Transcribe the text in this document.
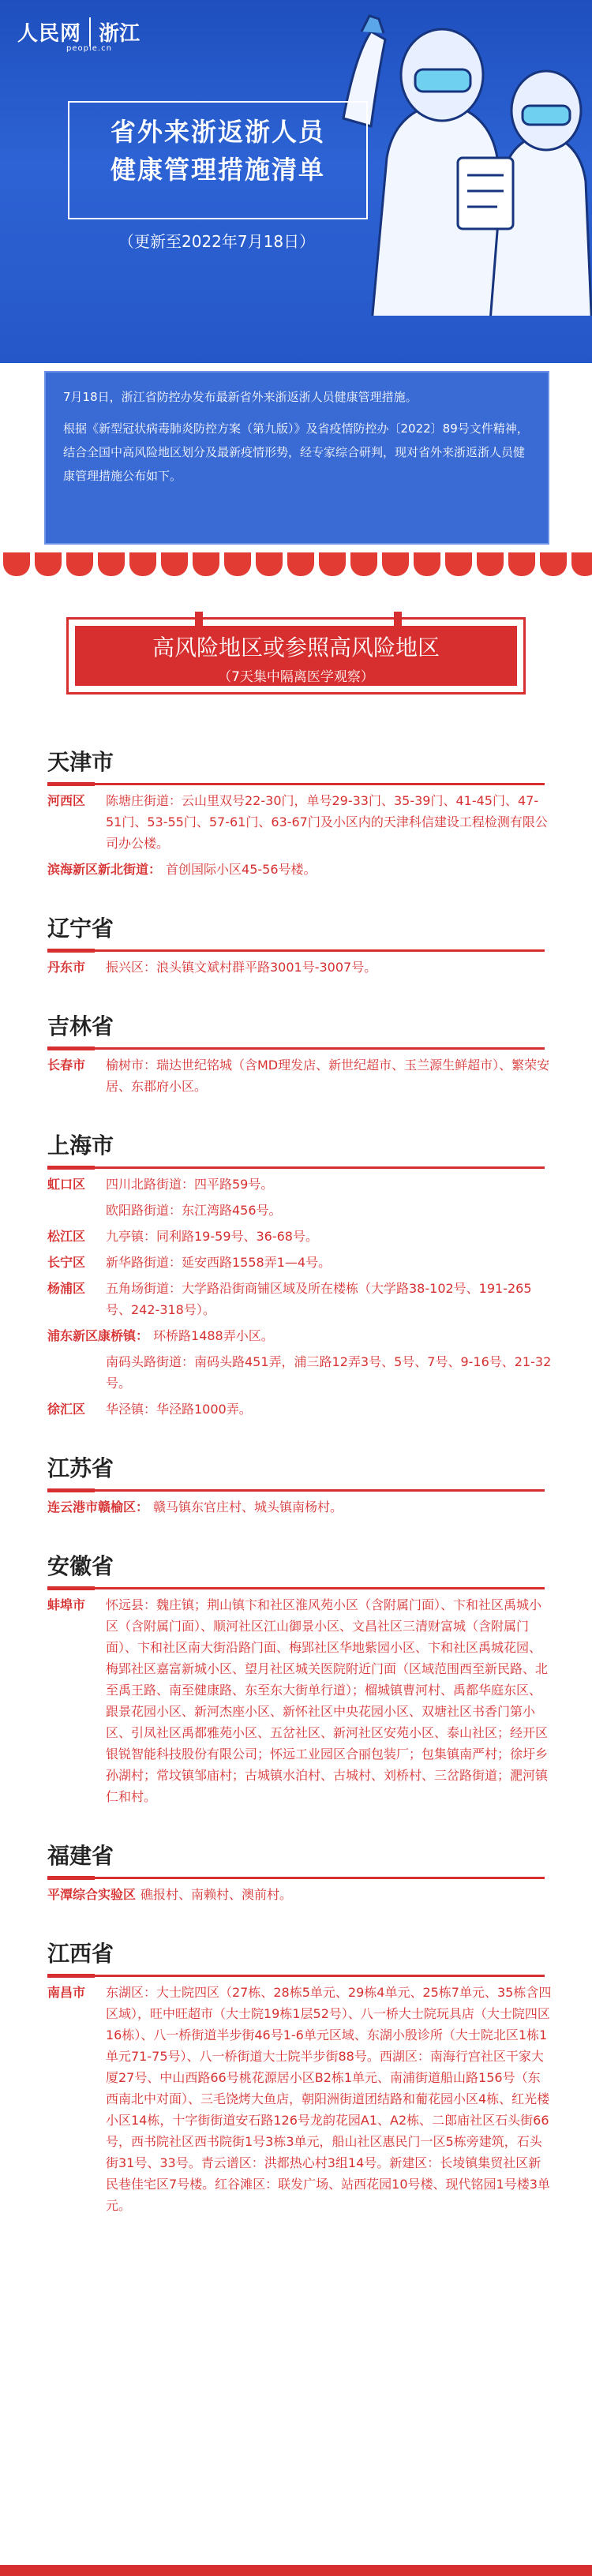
人民网 浙江
people.cn
省外来浙返浙人员
健康管理措施清单
（更新至2022年7月18日）

7月18日，浙江省防控办发布最新省外来浙返浙人员健康管理措施。

根据《新型冠状病毒肺炎防控方案（第九版）》及省疫情防控办〔2022〕89号文件精神，结合全国中高风险地区划分及最新疫情形势，经专家综合研判，现对省外来浙返浙人员健康管理措施公布如下。

高风险地区或参照高风险地区
（7天集中隔离医学观察）
天津市
河西区	陈塘庄街道：云山里双号22-30门，单号29-33门、35-39门、41-45门、47-51门、53-55门、57-61门、63-67门及小区内的天津科信建设工程检测有限公司办公楼。
滨海新区新北街道： 首创国际小区45-56号楼。
辽宁省
丹东市	振兴区：浪头镇文斌村群平路3001号-3007号。
吉林省
长春市	榆树市：瑞达世纪铭城（含MD理发店、新世纪超市、玉兰源生鲜超市）、繁荣安居、东郡府小区。
上海市
虹口区	四川北路街道：四平路59号。
欧阳路街道：东江湾路456号。
松江区	九亭镇：同利路19-59号、36-68号。
长宁区	新华路街道：延安西路1558弄1—4号。
杨浦区	五角场街道：大学路沿街商铺区域及所在楼栋（大学路38-102号、191-265号、242-318号）。
浦东新区康桥镇： 环桥路1488弄小区。
南码头路街道：南码头路451弄，浦三路12弄3号、5号、7号、9-16号、21-32号。
徐汇区	华泾镇：华泾路1000弄。
江苏省
连云港市赣榆区： 赣马镇东官庄村、城头镇南杨村。
安徽省
蚌埠市	怀远县：魏庄镇；荆山镇卞和社区淮风苑小区（含附属门面）、卞和社区禹城小区（含附属门面）、顺河社区江山御景小区、文昌社区三清财富城（含附属门面）、卞和社区南大街沿路门面、梅郢社区华地紫园小区、卞和社区禹城花园、梅郢社区嘉富新城小区、望月社区城关医院附近门面（区域范围西至新民路、北至禹王路、南至健康路、东至东大街单行道）；榴城镇曹河村、禹都华庭东区、跟景花园小区、新河杰座小区、新怀社区中央花园小区、双塘社区书香门第小区、引凤社区禹都雅苑小区、五岔社区、新河社区安苑小区、泰山社区；经开区银锐智能科技股份有限公司；怀远工业园区合丽包装厂；包集镇南严村；徐圩乡孙湖村；常坟镇邹庙村；古城镇水泊村、古城村、刘桥村、三岔路街道；淝河镇仁和村。
福建省
平潭综合实验区 礁报村、南赖村、澳前村。
江西省
南昌市	东湖区：大士院四区（27栋、28栋5单元、29栋4单元、25栋7单元、35栋含四区域），旺中旺超市（大士院19栋1层52号）、八一桥大士院玩具店（大士院四区16栋）、八一桥街道半步街46号1-6单元区域、东湖小殷诊所（大士院北区1栋1单元71-75号）、八一桥街道大士院半步街88号。西湖区：南海行宫社区干家大厦27号、中山西路66号桃花源居小区B2栋1单元、南浦街道船山路156号（东西南北中对面）、三毛饶烤大鱼店，朝阳洲街道团结路和葡花园小区4栋、红光楼小区14栋，十字街街道安石路126号龙韵花园A1、A2栋、二郎庙社区石头街66号，西书院社区西书院街1号3栋3单元，船山社区惠民门一区5栋旁建筑，石头街31号、33号。青云谱区：洪都热心村3组14号。新建区：长堎镇集贸社区新民巷佳宅区7号楼。红谷滩区：联发广场、站西花园10号楼、现代铭园1号楼3单元。
